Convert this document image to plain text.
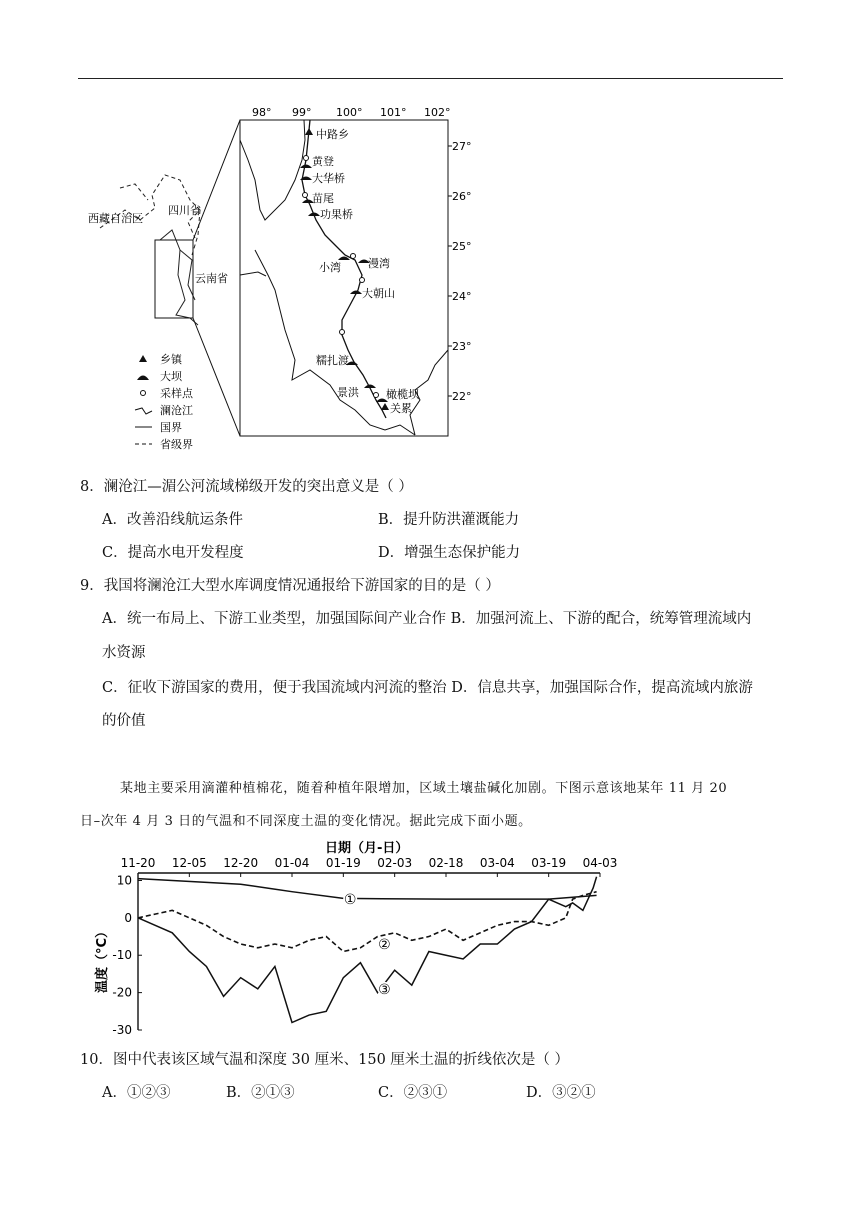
西藏自治区
四川省
云南省
乡镇
大坝
采样点
澜沧江
国界
省级界
98° 99° 100° 101° 102°
27°
26°
25°
24°
23°
22°
中路乡
黄登
大华桥
苗尾
功果桥
小湾 漫湾
大朝山
糯扎渡
景洪 橄榄坝
关累
8．澜沧江—湄公河流域梯级开发的突出意义是（ ）
A．改善沿线航运条件	B．提升防洪灌溉能力
C．提高水电开发程度	D．增强生态保护能力
9．我国将澜沧江大型水库调度情况通报给下游国家的目的是（ ）
A．统一布局上、下游工业类型，加强国际间产业合作 B．加强河流上、下游的配合，统筹管理流域内
水资源
C．征收下游国家的费用，便于我国流域内河流的整治 D．信息共享，加强国际合作，提高流域内旅游
的价值
某地主要采用滴灌种植棉花，随着种植年限增加，区域土壤盐碱化加剧。下图示意该地某年 11 月 20
日–次年 4 月 3 日的气温和不同深度土温的变化情况。据此完成下面小题。
日期（月-日）
温度（°C）
11-20 12-05 12-20 01-04 01-19 02-03 02-18 03-04 03-19 04-03
10
0
-10
-20
-30
①
②
③
10．图中代表该区域气温和深度 30 厘米、150 厘米土温的折线依次是（ ）
A．①②③	B．②①③	C．②③①	D．③②①
